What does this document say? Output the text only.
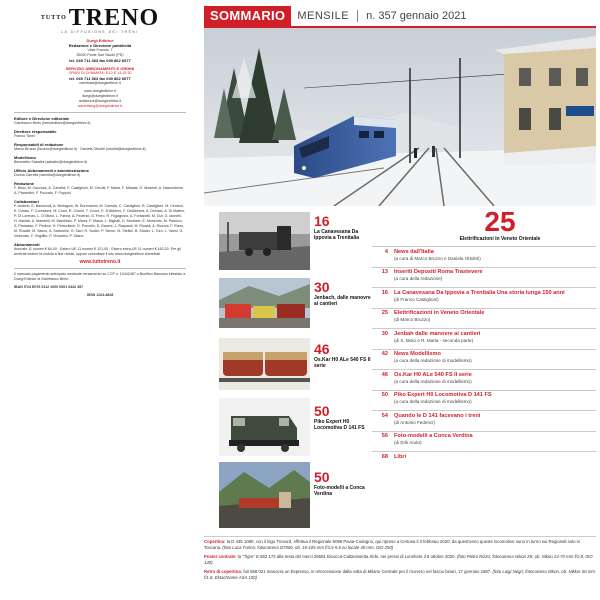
$^{TUTTO}$TRENO
LA DIFFUSIONE DEI TRENI
Duegi Editrice
Redazione e Direzione pubblicità
Viale Francia, 7
35020 Ponte San Nicolò (PD)
tel. 049 711 363 fax 049 862 6077
SERVIZIO ABBONAMENTI E ORDINI
ORARI DI CHIAMATA: 8-12 E 14-15.30
tel. 049 711 363 fax 049 862 6077
carrellata@duegieditrice.it
www.duegieditrice.it
duegi@duegieditrice.it
redazione@duegieditrice.it
advertising@duegieditrice.it
Editore e Direzione editoriale
Gianfranco Berto (bertoeditore@duegieditrice.it)
Direttore responsabile
Franco Tanel
Responsabili di redazione
Marco Bruzzo (bruzzo@duegieditrice.it) · Daniela Ottolitri (ottolitri@duegieditrice.it)
Modellismo
Benedetto Sabatini (sabatini@duegieditrice.it)
Ufficio Abbonamenti e amministrazione
Dorina Carrella (carrella@duegieditrice.it)
Redazione
F. Bisio, M. Caccoza, A. Canetta, F. Castiglioni, M. Cerutti, F. Maria, F. Masala, G. Modesti, A. Nascimbene, A. Piacentini, F. Pozzato, F. Puppini
Collaboratori
F. Andivei, E. Banazzoli, A. Bertagnin, W. Borrmanini, M. Camaia, C. Castiglioni, R. Castiglioni, M. Centoni, E. Cerato, F. Cornaiomi, M. Croni, R. Crochi, T. Croce, E. D'Abbiero, F. DeAlbineis, A. Destasi, A. Di Matteo, P. Di Lorenzo, L. D'Ottavi, L. Farina, A. Federici, G. Ferro, R. Fogagnolo, A. Fontanelli, M. Gut, G. Iannelli, H. Hantak, A. Mandelli, M. Marchisio, P. Marra, F. Masia, L. Mighali, D. Montone, E. Mosendo, M. Pannico, S. Pautasso, F. Pedron, H. Petrovitsch, D. Porcello, D. Raveni, J. Raspanti, M. Rinaldi, A. Rizzoni, F. Rizzo, M. Rovatti, M. Sacco, A. Sartorello, G. Savi, R. Scotto, P. Simon, M. Stellini, B. Studer, L. Toro, L. Vanni, G. Vedovato, F. Virgillito, P. Viviantini, P. Zitano
Abbonamenti
Annuale 11 numeri € 64,00 · Estero UE 11 numeri € 121,00 · Estero extra-UE 11 numeri € 162,00. Per gli arretrati vedere la cedola a fine rivista, oppure consultare il sito www.duegieditrice.it/arretrati
www.tuttotreno.it
Il mancato pagamento anticipato mediante versamento su CCP n. 10442457 o Bonifico Bancario intestato a Duegi Editrice di Gianfranco Berto
IBAN IT24 E076 0112 1000 0001 0442 457
ISSN 1124-4828
SOMMARIO	MENSILE n. 357 gennaio 2021
16
La Canavesana Da Ippovia a Trenitalia
30
Jenbach, dalle manovre ai cantieri
46
Os.Kar H0 ALe 540 FS II serie
50
Piko Expert H0 Locomotiva D 141 FS
50
Foto-modelli a Conca Verdina
25
Elettrificazioni in Veneto Orientale
4	News dall'Italia
(a cura di Marco Bruzzo e Daniela Ottolitri)
13	Inseriti Depositi Roma Trastevere
(a cura della redazione)
16	La Canavesana Da Ippovia a Trenitalia Una storia lunga 150 anni
(di Franco Castiglioni)
25	Elettrificazioni in Veneto Orientale
(di Marco Bruzzo)
30	Jenbah dalle manovre ai cantieri
(di S. Bisio e R. Maria - seconda parte)
42	News Modellismo
(a cura della redazione di modellismo)
46	Os.Kar H0 ALe 540 FS II serie
(a cura della redazione di modellismo)
50	Piko Expert H0 Locomotiva D 141 FS
(a cura della redazione di modellismo)
54	Quando le D 141 facevano i treni
(di Antonio Federici)
56	Foto-modelli a Conca Verdina
(di Erik Ando)
68	Libri

Copertina: la D 445 1080, con il logo Trenord, effettua il Regionale 5099 Pavia-Codogno, qui ripreso a Certosa il 3 febbraio 2020; da quest'anno queste locomotive sono in turno sui Regionali solo in Toscana. (foto Luca Farina; fotocamera D7000, ob. 18-105 mm f/3.5-5.6 su focale 40 mm, ISO 250)

Poster centrale: la "Tigre" E 652 172 alla testa del merci 26681 Bicocca-Caltanissetta Xirbi, nei pressi di Lumiforte il 8 ottobre 2020. (foto Pietro Rizzo; fotocamera Nikon Z6; ob. Nikon 24-70 mm f/2.8, ISO 140)

Retro di copertina: fuil 658 021 manovra un Espresso, in retrocessione dalla volta di Milano Centrale per il ricovero nel fascio binari, 17 gennaio 1987. (foto Luigi Negri; fotocamera Nikon, ob. Nikkor 50 mm f/1.8, Ektachrome ASA 100)
